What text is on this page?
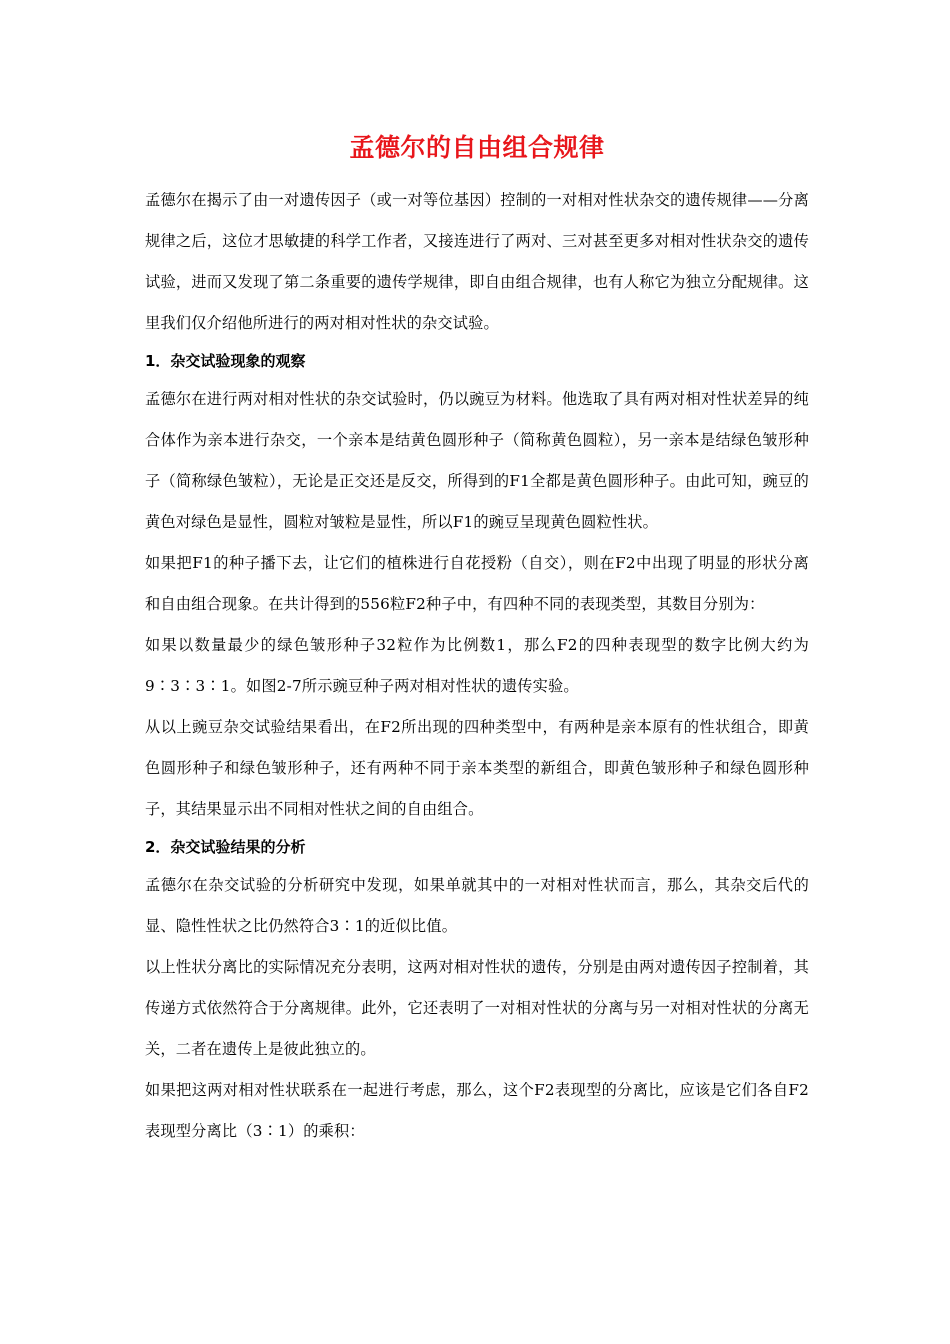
孟德尔的自由组合规律

孟德尔在揭示了由一对遗传因子（或一对等位基因）控制的一对相对性状杂交的遗传规律——分离规律之后，这位才思敏捷的科学工作者，又接连进行了两对、三对甚至更多对相对性状杂交的遗传试验，进而又发现了第二条重要的遗传学规律，即自由组合规律，也有人称它为独立分配规律。这里我们仅介绍他所进行的两对相对性状的杂交试验。

1．杂交试验现象的观察

孟德尔在进行两对相对性状的杂交试验时，仍以豌豆为材料。他选取了具有两对相对性状差异的纯合体作为亲本进行杂交，一个亲本是结黄色圆形种子（简称黄色圆粒），另一亲本是结绿色皱形种子（简称绿色皱粒），无论是正交还是反交，所得到的F1全都是黄色圆形种子。由此可知，豌豆的黄色对绿色是显性，圆粒对皱粒是显性，所以F1的豌豆呈现黄色圆粒性状。

如果把F1的种子播下去，让它们的植株进行自花授粉（自交），则在F2中出现了明显的形状分离和自由组合现象。在共计得到的556粒F2种子中，有四种不同的表现类型，其数目分别为：

如果以数量最少的绿色皱形种子32粒作为比例数1，那么F2的四种表现型的数字比例大约为9∶3∶3∶1。如图2-7所示豌豆种子两对相对性状的遗传实验。

从以上豌豆杂交试验结果看出，在F2所出现的四种类型中，有两种是亲本原有的性状组合，即黄色圆形种子和绿色皱形种子，还有两种不同于亲本类型的新组合，即黄色皱形种子和绿色圆形种子，其结果显示出不同相对性状之间的自由组合。

2．杂交试验结果的分析

孟德尔在杂交试验的分析研究中发现，如果单就其中的一对相对性状而言，那么，其杂交后代的显、隐性性状之比仍然符合3∶1的近似比值。

以上性状分离比的实际情况充分表明，这两对相对性状的遗传，分别是由两对遗传因子控制着，其传递方式依然符合于分离规律。此外，它还表明了一对相对性状的分离与另一对相对性状的分离无关，二者在遗传上是彼此独立的。

如果把这两对相对性状联系在一起进行考虑，那么，这个F2表现型的分离比，应该是它们各自F2表现型分离比（3∶1）的乘积：
